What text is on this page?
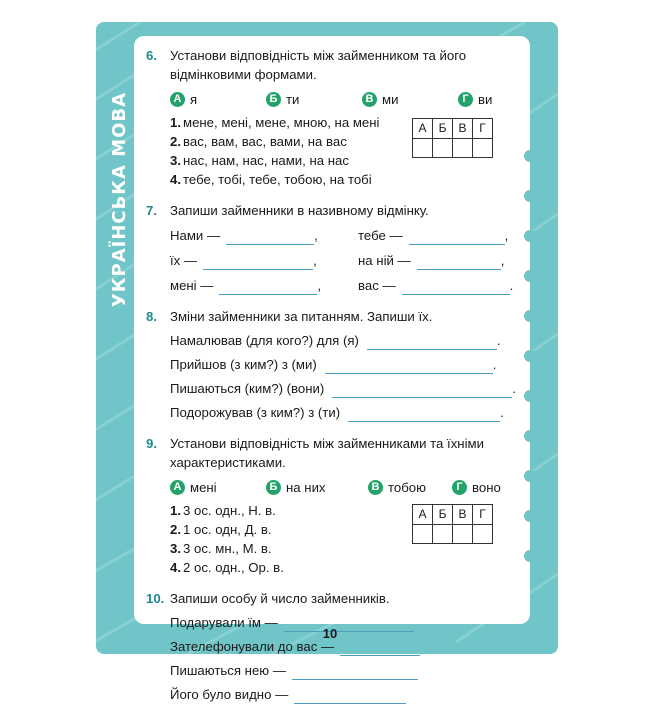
УКРАЇНСЬКА МОВА
6. Установи відповідність між займенником та його відмінковими формами.
А я	Б ти	В ми	Г ви
1. мене, мені, мене, мною, на мені
2. вас, вам, вас, вами, на вас
3. нас, нам, нас, нами, на нас
4. тебе, тобі, тебе, тобою, на тобі
А	Б	В	Г

7. Запиши займенники в називному відмінку.
Нами —	,	тебе —	,
їх —	,	на ній —	,
мені —	,	вас —	.
8. Зміни займенники за питанням. Запиши їх.
Намалював (для кого?) для (я)	.
Прийшов (з ким?) з (ми)	.
Пишаються (ким?) (вони)	.
Подорожував (з ким?) з (ти)	.
9. Установи відповідність між займенниками та їхніми характеристиками.
А мені	Б на них	В тобою	Г воно
1. 3 ос. одн., Н. в.
2. 1 ос. одн, Д. в.
3. 3 ос. мн., М. в.
4. 2 ос. одн., Ор. в.
А	Б	В	Г

10. Запиши особу й число займенників.
Подарували їм —
Зателефонували до вас —
Пишаються нею —
Його було видно —
10
